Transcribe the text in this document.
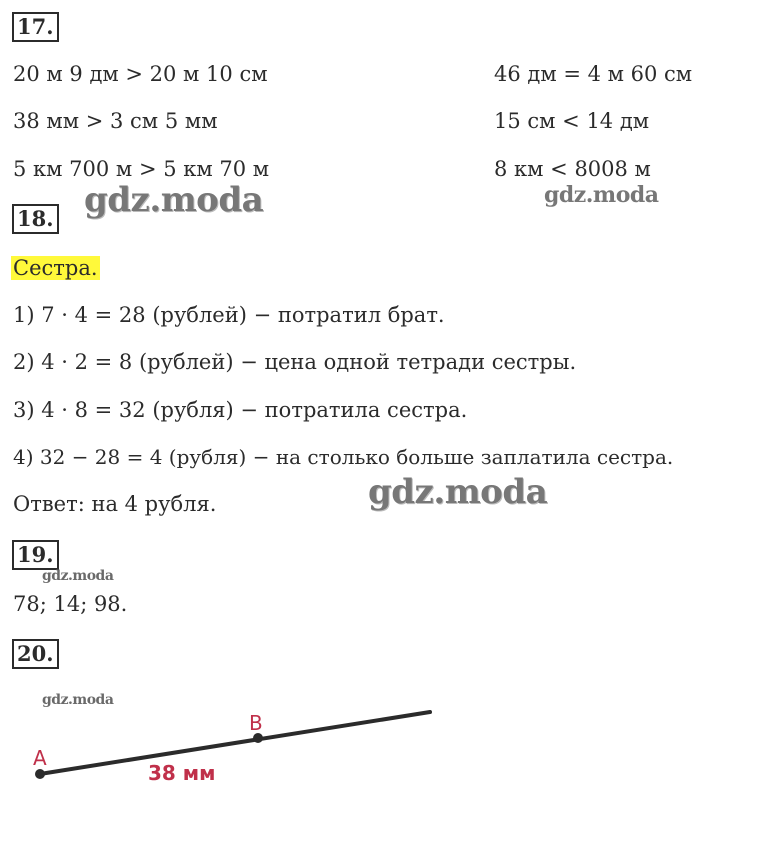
17.
20 м 9 дм > 20 м 10 см
38 мм > 3 см 5 мм
5 км 700 м > 5 км 70 м
46 дм = 4 м 60 см
15 см < 14 дм
8 км < 8008 м
18.
Сестра.
1) 7 · 4 = 28 (рублей) − потратил брат.
2) 4 · 2 = 8 (рублей) − цена одной тетради сестры.
3) 4 · 8 = 32 (рубля) − потратила сестра.
4) 32 − 28 = 4 (рубля) − на столько больше заплатила сестра.
Ответ: на 4 рубля.
19.
78; 14; 98.
20.
A
B
38 мм
gdz.moda	gdz.moda
gdz.moda
gdz.moda
gdz.moda
